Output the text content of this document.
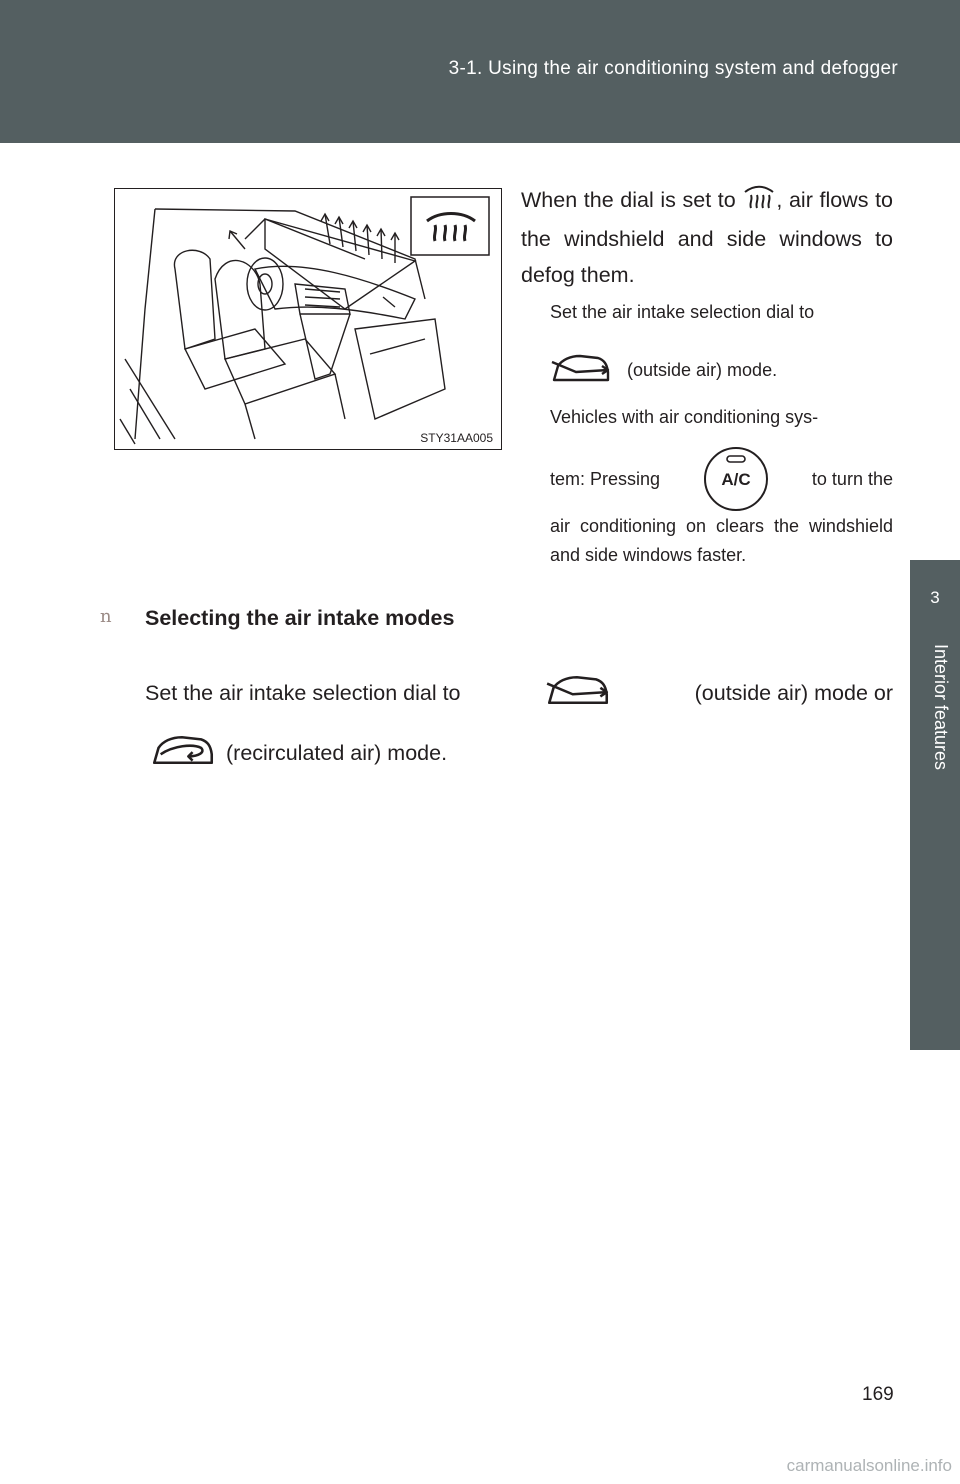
3-1. Using the air conditioning system and defogger
3
Interior features
STY31AA005

When the dial is set to , air flows to the windshield and side windows to defog them.

Set the air intake selection dial to

(outside air) mode.

Vehicles with air conditioning sys-

tem: Pressing	A/C	to turn the

air conditioning on clears the windshield and side windows faster.

n Selecting the air intake modes

Set the air intake selection dial to	(outside air) mode or
(recirculated air) mode.
169
carmanualsonline.info
